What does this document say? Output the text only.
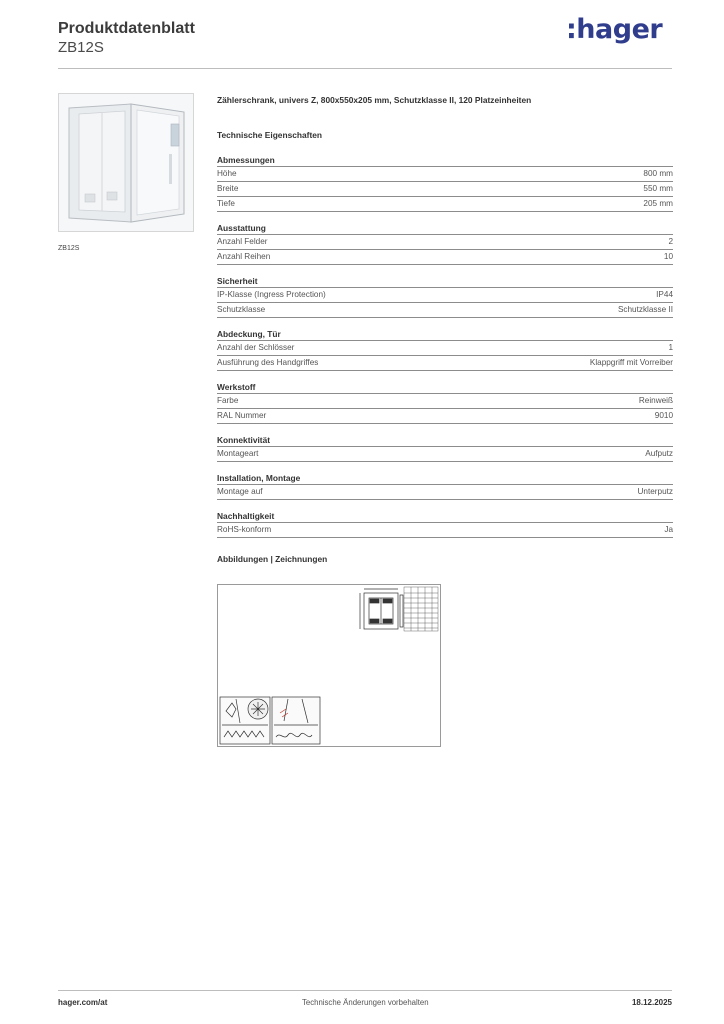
Produktdatenblatt
ZB12S
:hager
ZB12S
Zählerschrank, univers Z, 800x550x205 mm, Schutzklasse II, 120 Platzeinheiten
Technische Eigenschaften
Abmessungen
Höhe	800 mm
Breite	550 mm
Tiefe	205 mm
Ausstattung
Anzahl Felder	2
Anzahl Reihen	10
Sicherheit
IP-Klasse (Ingress Protection)	IP44
Schutzklasse	Schutzklasse II
Abdeckung, Tür
Anzahl der Schlösser	1
Ausführung des Handgriffes	Klappgriff mit Vorreiber
Werkstoff
Farbe	Reinweiß
RAL Nummer	9010
Konnektivität
Montageart	Aufputz
Installation, Montage
Montage auf	Unterputz
Nachhaltigkeit
RoHS-konform	Ja
Abbildungen | Zeichnungen
hager.com/at	Technische Änderungen vorbehalten	18.12.2025
